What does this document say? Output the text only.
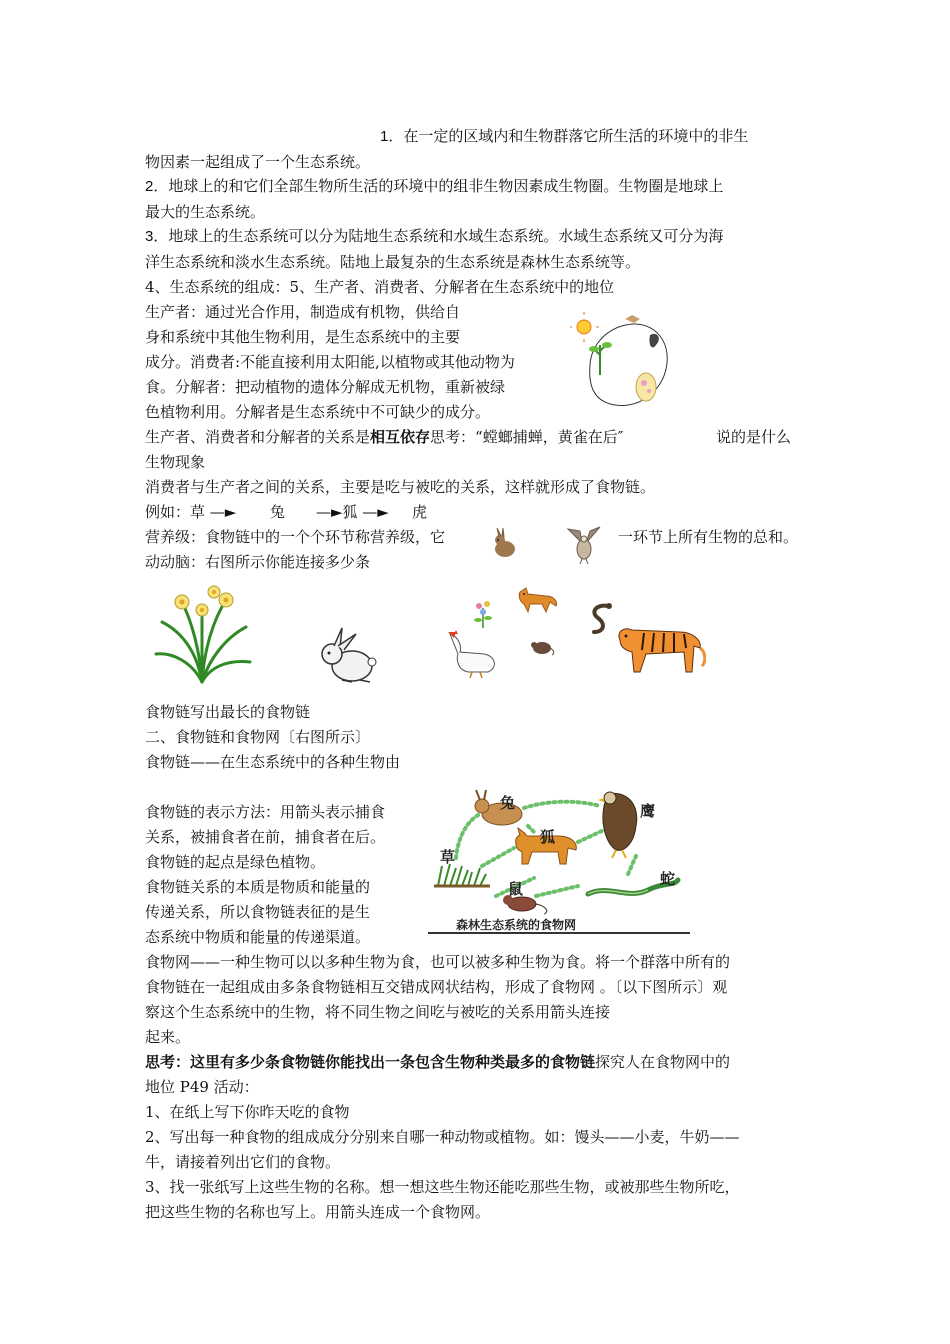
1．在一定的区域内和生物群落它所生活的环境中的非生
物因素一起组成了一个生态系统。
2．地球上的和它们全部生物所生活的环境中的组非生物因素成生物圈。生物圈是地球上
最大的生态系统。
3．地球上的生态系统可以分为陆地生态系统和水域生态系统。水域生态系统又可分为海
洋生态系统和淡水生态系统。陆地上最复杂的生态系统是森林生态系统等。
4、生态系统的组成：5、生产者、消费者、分解者在生态系统中的地位
生产者：通过光合作用，制造成有机物，供给自
身和系统中其他生物利用，是生态系统中的主要
成分。消费者:不能直接利用太阳能,以植物或其他动物为
食。分解者：把动植物的遗体分解成无机物，重新被绿
色植物利用。分解者是生态系统中不可缺少的成分。
生产者、消费者和分解者的关系是相互依存思考：“螳螂捕蝉，黄雀在后″	说的是什么
生物现象
消费者与生产者之间的关系，主要是吃与被吃的关系，这样就形成了食物链。
例如：草 —► 兔 —►狐 —► 虎
营养级：食物链中的一个个环节称营养级，它	一环节上所有生物的总和。
动动脑：右图所示你能连接多少条
食物链写出最长的食物链
二、食物链和食物网〔右图所示〕
食物链——在生态系统中的各种生物由
食物链的表示方法：用箭头表示捕食
关系，被捕食者在前，捕食者在后。
食物链的起点是绿色植物。
食物链关系的本质是物质和能量的
传递关系，所以食物链表征的是生
态系统中物质和能量的传递渠道。
食物网——一种生物可以以多种生物为食，也可以被多种生物为食。将一个群落中所有的
食物链在一起组成由多条食物链相互交错成网状结构，形成了食物网 。〔以下图所示〕观
察这个生态系统中的生物，将不同生物之间吃与被吃的关系用箭头连接
起来。
思考：这里有多少条食物链你能找出一条包含生物种类最多的食物链探究人在食物网中的
地位 P49 活动：
1、在纸上写下你昨天吃的食物
2、写出每一种食物的组成成分分别来自哪一种动物或植物。如：馒头——小麦，牛奶——
牛，请接着列出它们的食物。
3、找一张纸写上这些生物的名称。想一想这些生物还能吃那些生物，或被那些生物所吃，
把这些生物的名称也写上。用箭头连成一个食物网。
兔
狐
鹰
草
鼠
蛇
森林生态系统的食物网
